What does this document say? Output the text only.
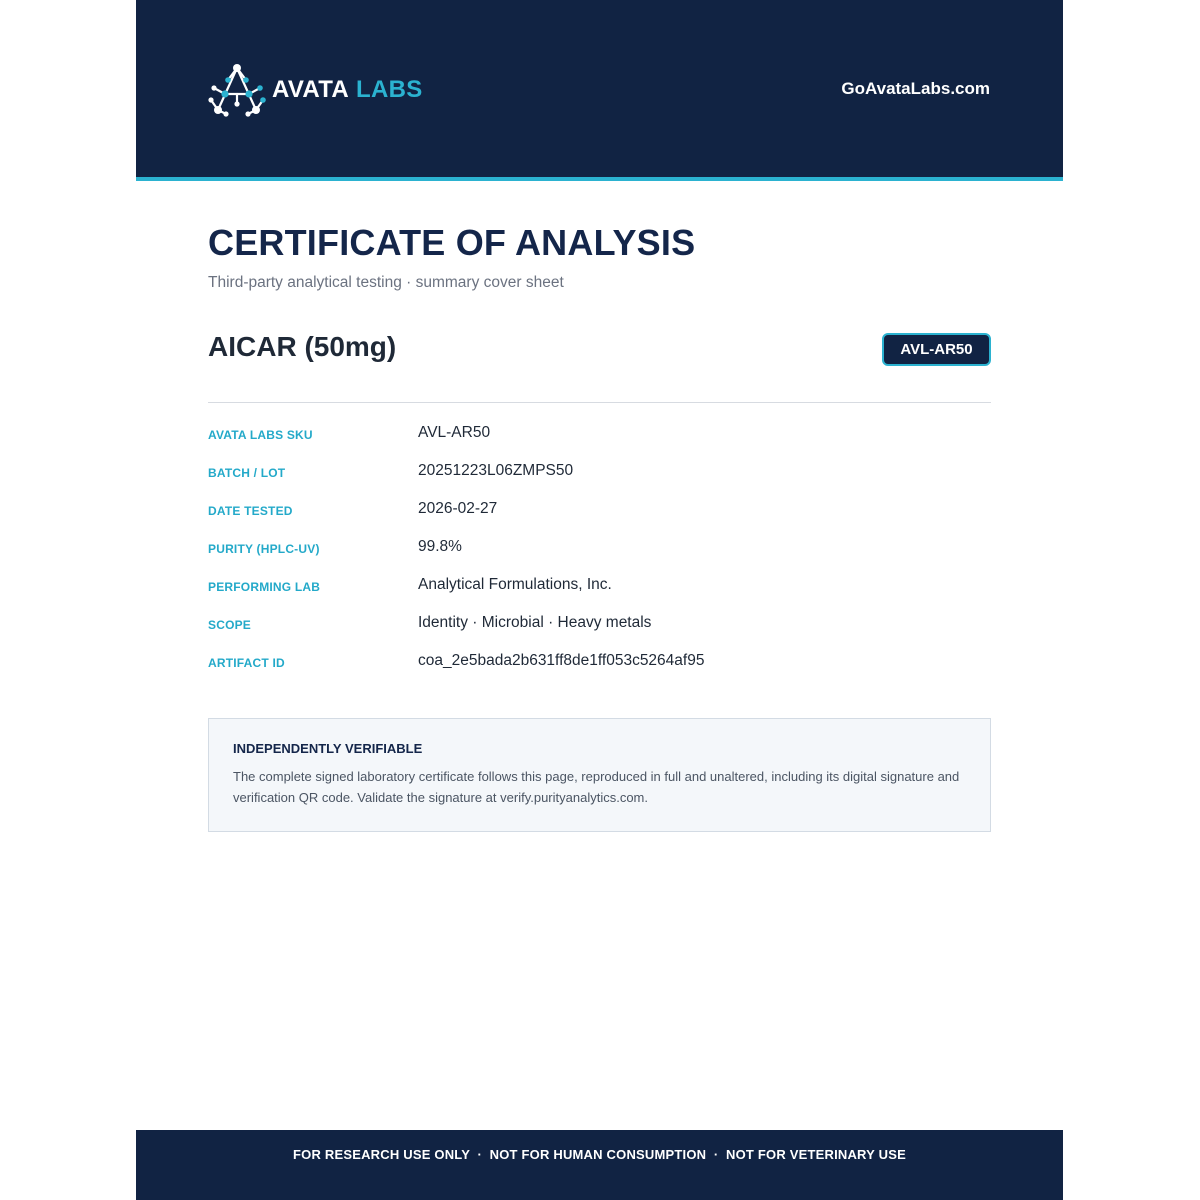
AVATA LABS	GoAvataLabs.com
CERTIFICATE OF ANALYSIS
Third-party analytical testing · summary cover sheet
AICAR (50mg)	AVL-AR50
AVATA LABS SKU	AVL-AR50
BATCH / LOT	20251223L06ZMPS50
DATE TESTED	2026-02-27
PURITY (HPLC-UV)	99.8%
PERFORMING LAB	Analytical Formulations, Inc.
SCOPE	Identity · Microbial · Heavy metals
ARTIFACT ID	coa_2e5bada2b631ff8de1ff053c5264af95
INDEPENDENTLY VERIFIABLE
The complete signed laboratory certificate follows this page, reproduced in full and unaltered, including its digital signature and verification QR code. Validate the signature at verify.purityanalytics.com.
FOR RESEARCH USE ONLY  ·  NOT FOR HUMAN CONSUMPTION  ·  NOT FOR VETERINARY USE
